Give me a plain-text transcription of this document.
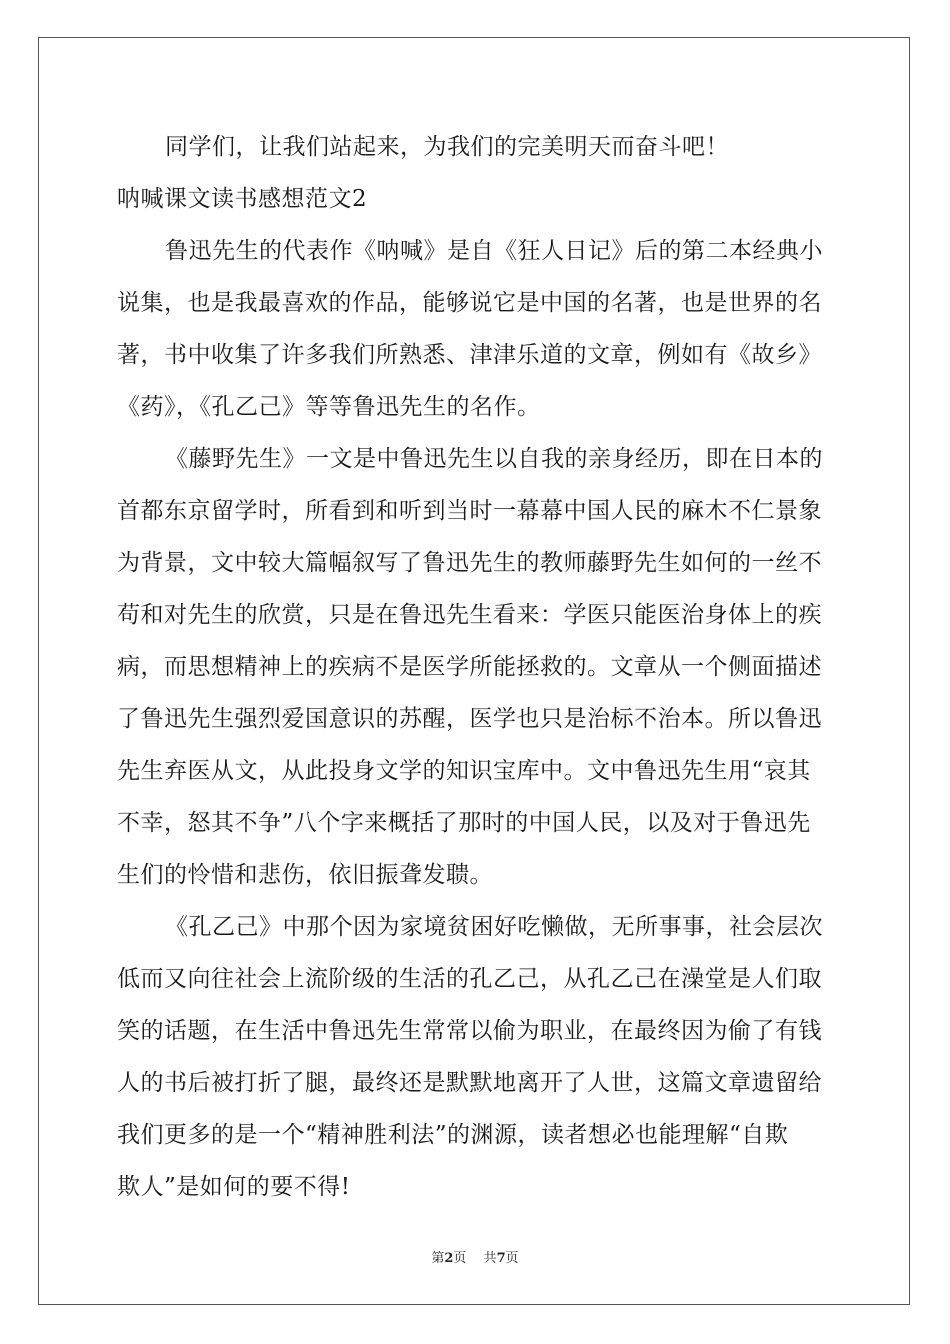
同学们，让我们站起来，为我们的完美明天而奋斗吧！
呐喊课文读书感想范文2
鲁迅先生的代表作《呐喊》是自《狂人日记》后的第二本经典小
说集，也是我最喜欢的作品，能够说它是中国的名著，也是世界的名
著，书中收集了许多我们所熟悉、津津乐道的文章，例如有《故乡》
《药》，《孔乙己》等等鲁迅先生的名作。
《藤野先生》一文是中鲁迅先生以自我的亲身经历，即在日本的
首都东京留学时，所看到和听到当时一幕幕中国人民的麻木不仁景象
为背景，文中较大篇幅叙写了鲁迅先生的教师藤野先生如何的一丝不
苟和对先生的欣赏，只是在鲁迅先生看来：学医只能医治身体上的疾
病，而思想精神上的疾病不是医学所能拯救的。文章从一个侧面描述
了鲁迅先生强烈爱国意识的苏醒，医学也只是治标不治本。所以鲁迅
先生弃医从文，从此投身文学的知识宝库中。文中鲁迅先生用“哀其
不幸，怒其不争”八个字来概括了那时的中国人民，以及对于鲁迅先
生们的怜惜和悲伤，依旧振聋发聩。
《孔乙己》中那个因为家境贫困好吃懒做，无所事事，社会层次
低而又向往社会上流阶级的生活的孔乙己，从孔乙己在澡堂是人们取
笑的话题，在生活中鲁迅先生常常以偷为职业，在最终因为偷了有钱
人的书后被打折了腿，最终还是默默地离开了人世，这篇文章遗留给
我们更多的是一个“精神胜利法”的渊源，读者想必也能理解“自欺
欺人”是如何的要不得!
第2页　 共7页
